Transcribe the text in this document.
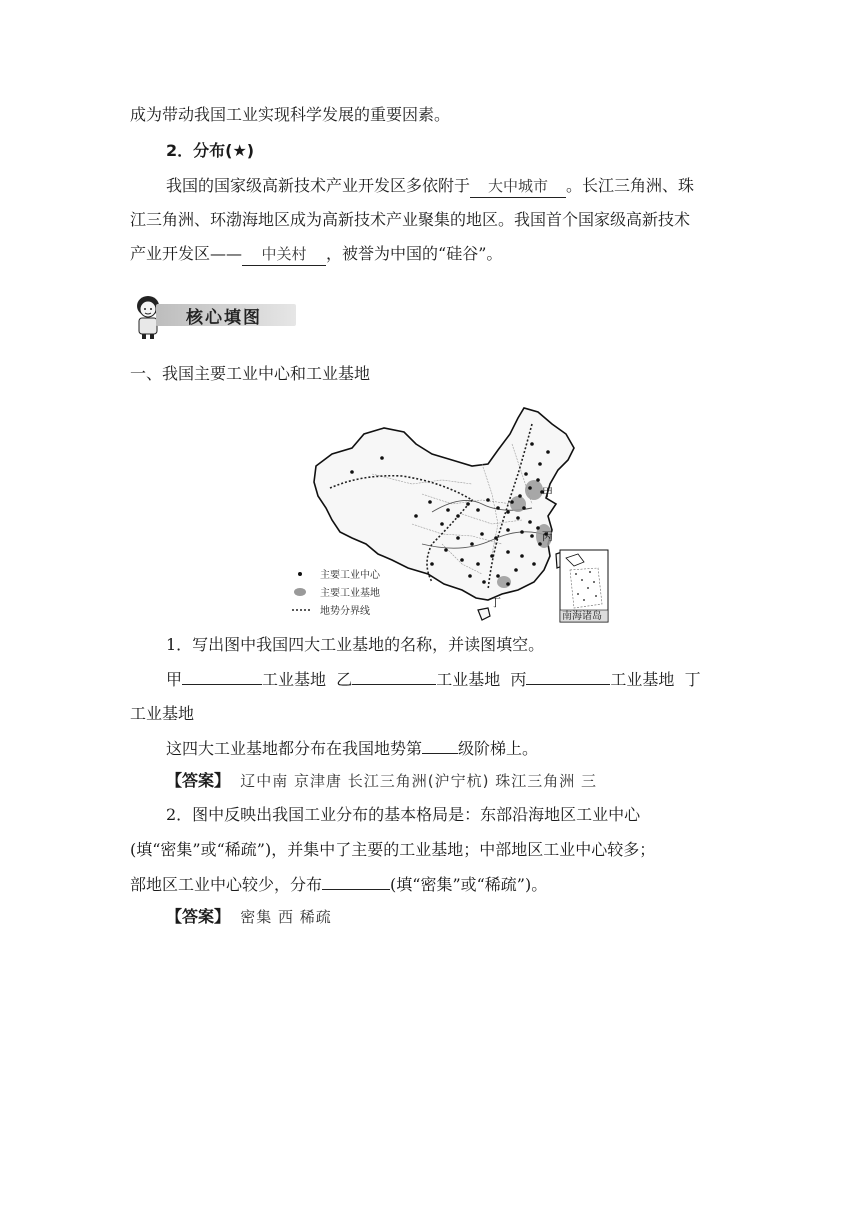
成为带动我国工业实现科学发展的重要因素。
2．分布(★)
我国的国家级高新技术产业开发区多依附于 大中城市 。长江三角洲、珠
江三角洲、环渤海地区成为高新技术产业聚集的地区。我国首个国家级高新技术
产业开发区—— 中关村 ，被誉为中国的“硅谷”。
核心填图
一、我国主要工业中心和工业基地
甲
丙
丁
南海诸岛
主要工业中心
主要工业基地
地势分界线
1．写出图中我国四大工业基地的名称，并读图填空。
甲	工业基地 乙	工业基地 丙	工业基地 丁
工业基地
这四大工业基地都分布在我国地势第 级阶梯上。
【答案】 辽中南 京津唐 长江三角洲(沪宁杭) 珠江三角洲 三
2．图中反映出我国工业分布的基本格局是：东部沿海地区工业中心
(填“密集”或“稀疏”)，并集中了主要的工业基地；中部地区工业中心较多；
部地区工业中心较少，分布	(填“密集”或“稀疏”)。
【答案】 密集 西 稀疏
